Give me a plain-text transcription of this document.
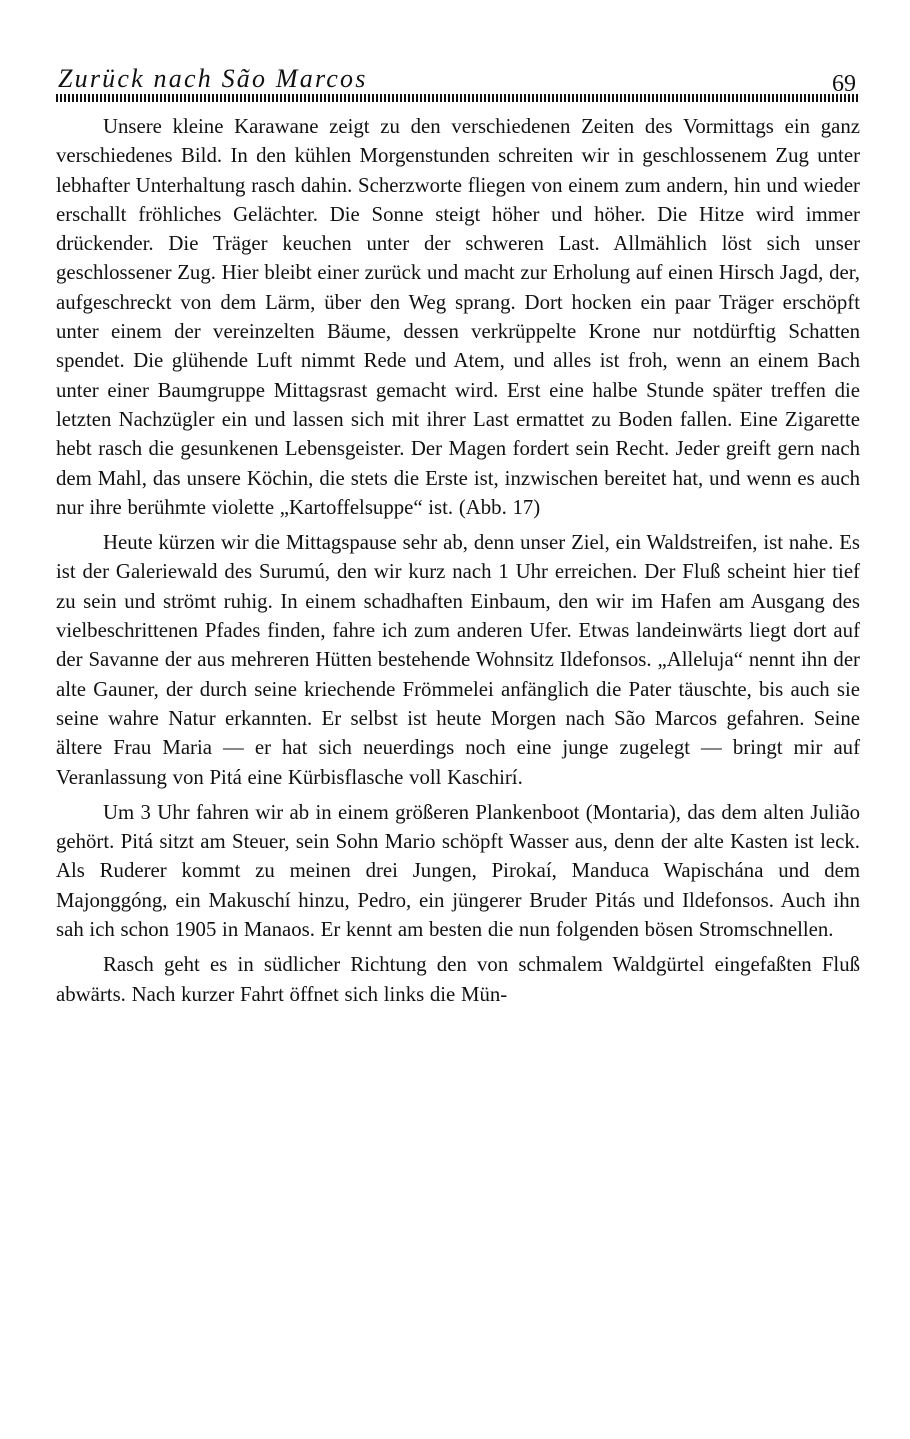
Zurück nach São Marcos	69

Unsere kleine Karawane zeigt zu den verschiedenen Zeiten des Vormittags ein ganz verschiedenes Bild. In den kühlen Morgenstunden schreiten wir in geschlossenem Zug unter lebhafter Unterhaltung rasch dahin. Scherzworte fliegen von einem zum andern, hin und wieder erschallt fröhliches Gelächter. Die Sonne steigt höher und höher. Die Hitze wird immer drückender. Die Träger keuchen unter der schweren Last. Allmählich löst sich unser geschlossener Zug. Hier bleibt einer zurück und macht zur Erholung auf einen Hirsch Jagd, der, aufgeschreckt von dem Lärm, über den Weg sprang. Dort hocken ein paar Träger erschöpft unter einem der vereinzelten Bäume, dessen verkrüppelte Krone nur notdürftig Schatten spendet. Die glühende Luft nimmt Rede und Atem, und alles ist froh, wenn an einem Bach unter einer Baumgruppe Mittagsrast gemacht wird. Erst eine halbe Stunde später treffen die letzten Nachzügler ein und lassen sich mit ihrer Last ermattet zu Boden fallen. Eine Zigarette hebt rasch die gesunkenen Lebensgeister. Der Magen fordert sein Recht. Jeder greift gern nach dem Mahl, das unsere Köchin, die stets die Erste ist, inzwischen bereitet hat, und wenn es auch nur ihre berühmte violette „Kartoffelsuppe“ ist. (Abb. 17)

Heute kürzen wir die Mittagspause sehr ab, denn unser Ziel, ein Waldstreifen, ist nahe. Es ist der Galeriewald des Surumú, den wir kurz nach 1 Uhr erreichen. Der Fluß scheint hier tief zu sein und strömt ruhig. In einem schadhaften Einbaum, den wir im Hafen am Ausgang des vielbeschrittenen Pfades finden, fahre ich zum anderen Ufer. Etwas landeinwärts liegt dort auf der Savanne der aus mehreren Hütten bestehende Wohnsitz Ildefonsos. „Alleluja“ nennt ihn der alte Gauner, der durch seine kriechende Frömmelei anfänglich die Pater täuschte, bis auch sie seine wahre Natur erkannten. Er selbst ist heute Morgen nach São Marcos gefahren. Seine ältere Frau Maria — er hat sich neuerdings noch eine junge zugelegt — bringt mir auf Veranlassung von Pitá eine Kürbisflasche voll Kaschirí.

Um 3 Uhr fahren wir ab in einem größeren Plankenboot (Montaria), das dem alten Julião gehört. Pitá sitzt am Steuer, sein Sohn Mario schöpft Wasser aus, denn der alte Kasten ist leck. Als Ruderer kommt zu meinen drei Jungen, Pirokaí, Manduca Wapischána und dem Majonggóng, ein Makuschí hinzu, Pedro, ein jüngerer Bruder Pitás und Ildefonsos. Auch ihn sah ich schon 1905 in Manaos. Er kennt am besten die nun folgenden bösen Stromschnellen.

Rasch geht es in südlicher Richtung den von schmalem Waldgürtel eingefaßten Fluß abwärts. Nach kurzer Fahrt öffnet sich links die Mün-
